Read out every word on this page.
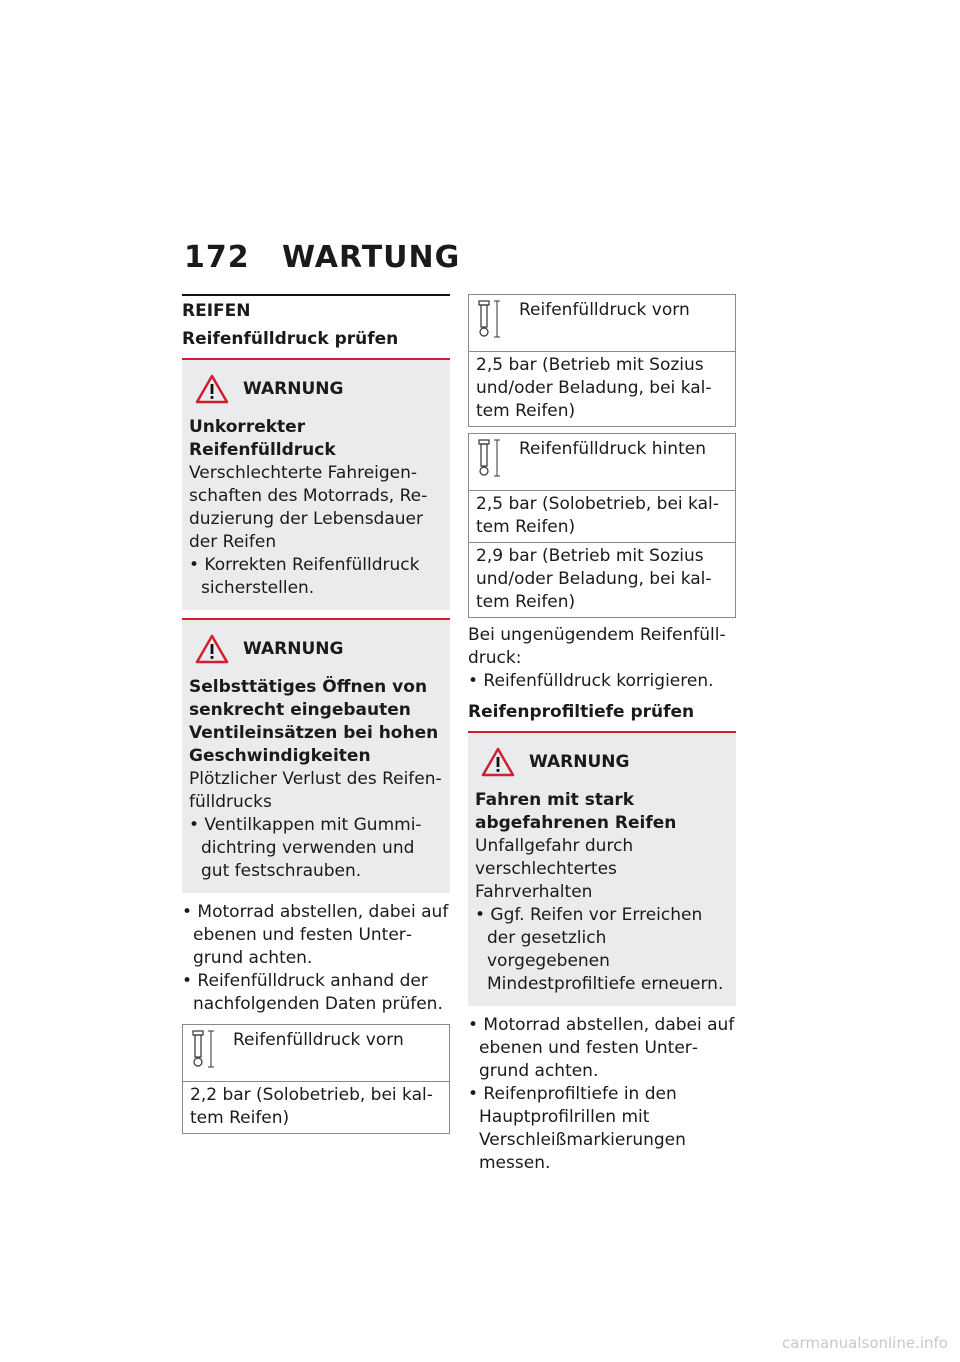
172 WARTUNG
REIFEN
Reifenfülldruck prüfen
WARNUNG
Unkorrekter Reifenfülldruck
Verschlechterte Fahreigenschaften des Motorrads, Reduzierung der Lebensdauer der Reifen
• Korrekten Reifenfülldruck sicherstellen.
WARNUNG
Selbsttätiges Öffnen von senkrecht eingebauten Ventileinsätzen bei hohen Geschwindigkeiten
Plötzlicher Verlust des Reifenfülldrucks
• Ventilkappen mit Gummidichtring verwenden und gut festschrauben.
• Motorrad abstellen, dabei auf ebenen und festen Untergrund achten.
• Reifenfülldruck anhand der nachfolgenden Daten prüfen.
Reifenfülldruck vorn
2,2 bar (Solobetrieb, bei kaltem Reifen)
Reifenfülldruck vorn
2,5 bar (Betrieb mit Sozius und/oder Beladung, bei kaltem Reifen)
Reifenfülldruck hinten
2,5 bar (Solobetrieb, bei kaltem Reifen)
2,9 bar (Betrieb mit Sozius und/oder Beladung, bei kaltem Reifen)
Bei ungenügendem Reifenfülldruck:
• Reifenfülldruck korrigieren.
Reifenprofiltiefe prüfen
WARNUNG
Fahren mit stark abgefahrenen Reifen
Unfallgefahr durch verschlechtertes Fahrverhalten
• Ggf. Reifen vor Erreichen der gesetzlich vorgegebenen Mindestprofiltiefe erneuern.
• Motorrad abstellen, dabei auf ebenen und festen Untergrund achten.
• Reifenprofiltiefe in den Hauptprofilrillen mit Verschleißmarkierungen messen.
carmanualsonline.info
